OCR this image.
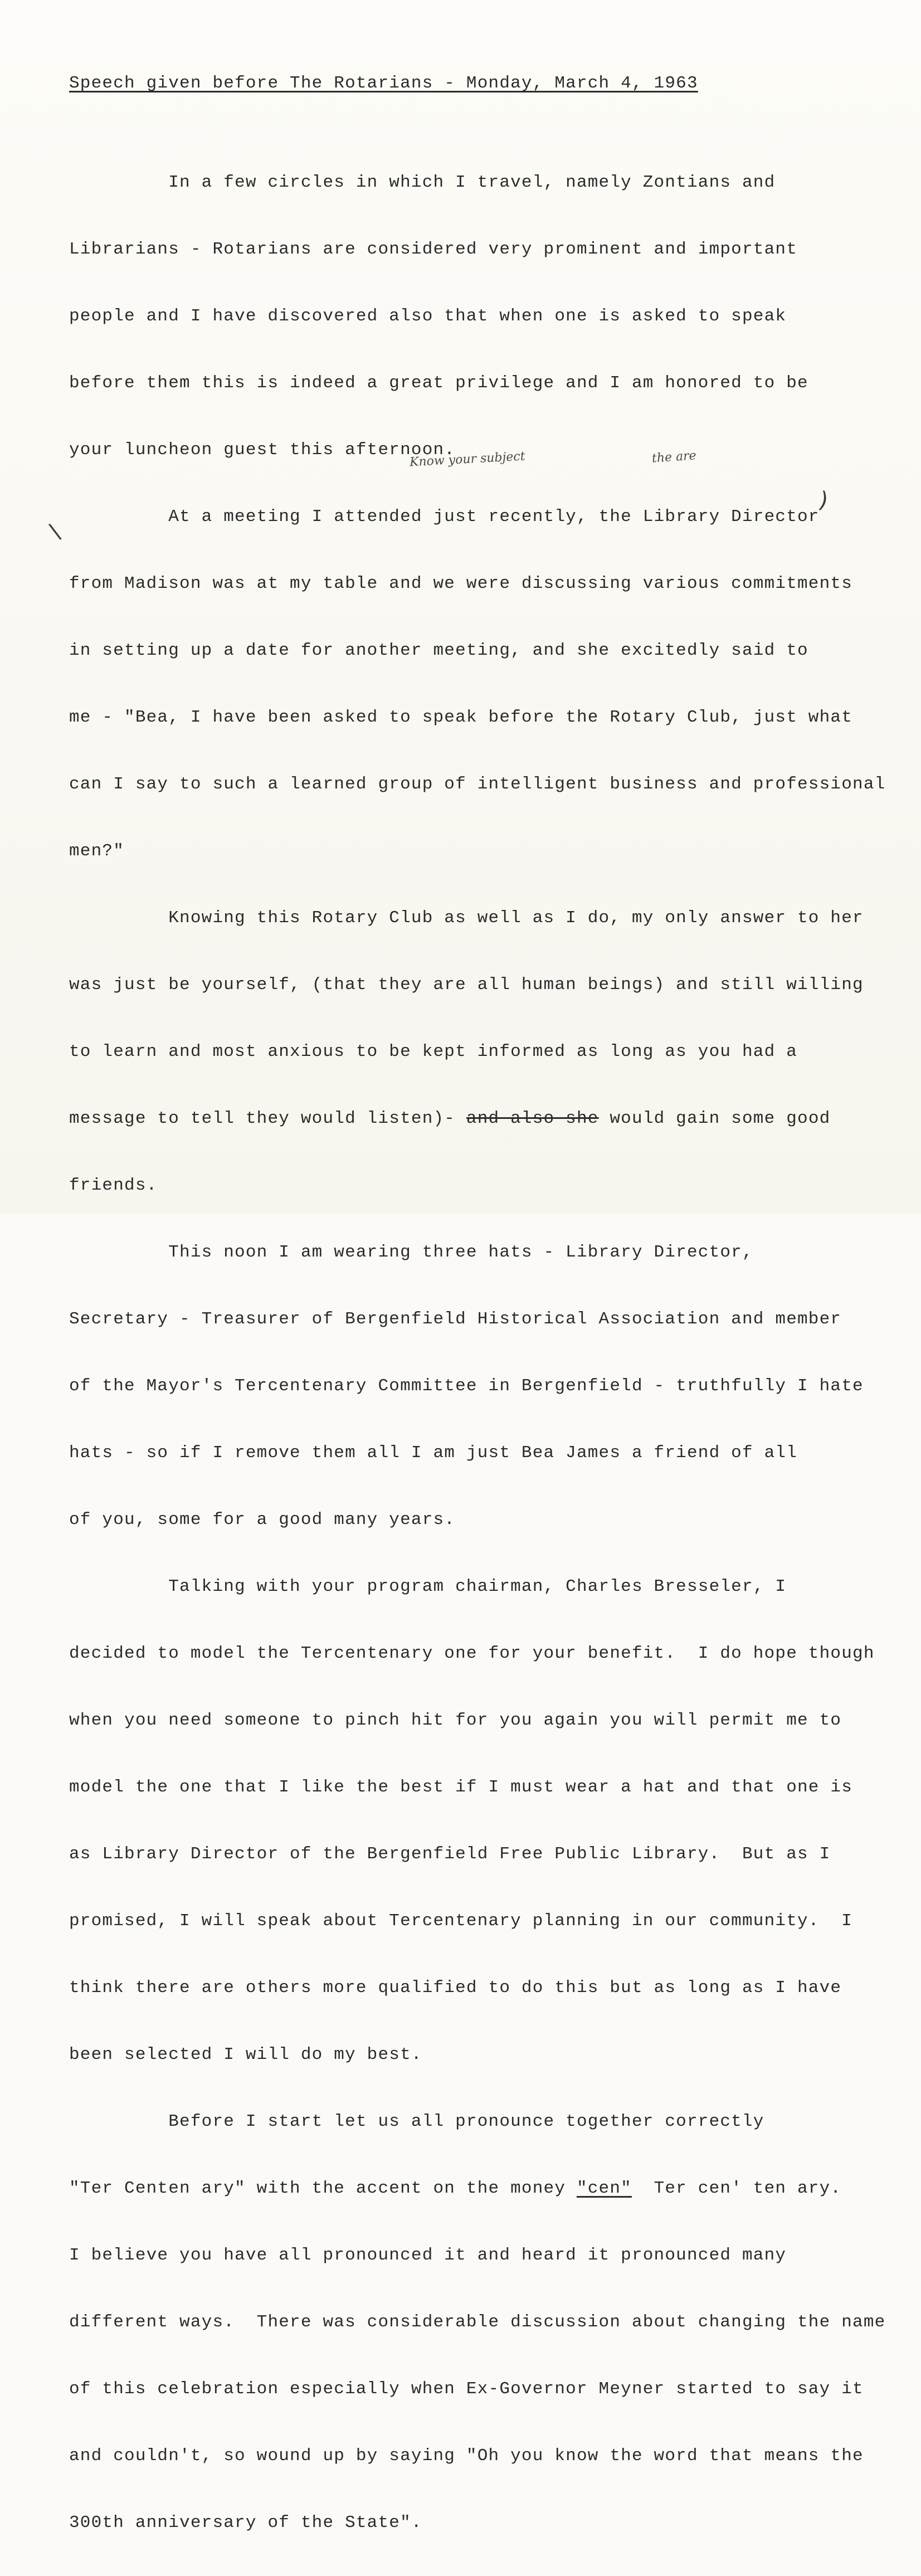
Speech given before The Rotarians - Monday, March 4, 1963

In a few circles in which I travel, namely Zontians and

Librarians - Rotarians are considered very prominent and important

people and I have discovered also that when one is asked to speak

before them this is indeed a great privilege and I am honored to be

your luncheon guest this afternoon.

At a meeting I attended just recently, the Library Director

from Madison was at my table and we were discussing various commitments

in setting up a date for another meeting, and she excitedly said to

me - "Bea, I have been asked to speak before the Rotary Club, just what

can I say to such a learned group of intelligent business and professional

men?"

Knowing this Rotary Club as well as I do, my only answer to her

was just be yourself, (that they are all human beings) and still willing

to learn and most anxious to be kept informed as long as you had a

message to tell they would listen)- and also she would gain some good

friends.

This noon I am wearing three hats - Library Director,

Secretary - Treasurer of Bergenfield Historical Association and member

of the Mayor's Tercentenary Committee in Bergenfield - truthfully I hate

hats - so if I remove them all I am just Bea James a friend of all

of you, some for a good many years.

Talking with your program chairman, Charles Bresseler, I

decided to model the Tercentenary one for your benefit.  I do hope though

when you need someone to pinch hit for you again you will permit me to

model the one that I like the best if I must wear a hat and that one is

as Library Director of the Bergenfield Free Public Library.  But as I

promised, I will speak about Tercentenary planning in our community.  I

think there are others more qualified to do this but as long as I have

been selected I will do my best.

Before I start let us all pronounce together correctly

"Ter Centen ary" with the accent on the money "cen"  Ter cen' ten ary.

I believe you have all pronounced it and heard it pronounced many

different ways.  There was considerable discussion about changing the name

of this celebration especially when Ex-Governor Meyner started to say it

and couldn't, so wound up by saying "Oh you know the word that means the

300th anniversary of the State".

Know your subject	the are
)
\
